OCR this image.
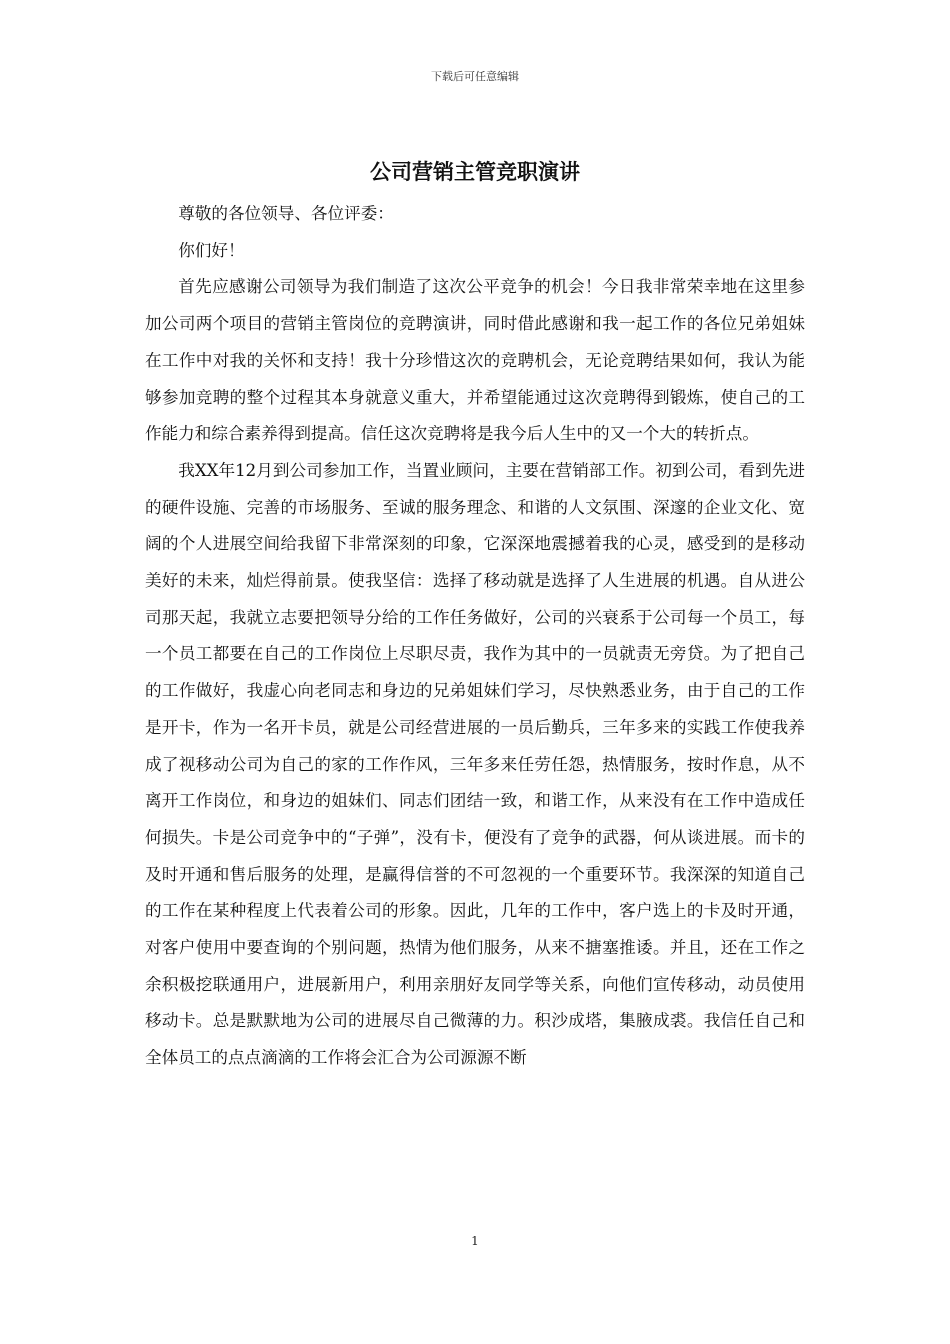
下载后可任意编辑
公司营销主管竞职演讲

尊敬的各位领导、各位评委：

你们好！

首先应感谢公司领导为我们制造了这次公平竞争的机会！今日我非常荣幸地在这里参加公司两个项目的营销主管岗位的竞聘演讲，同时借此感谢和我一起工作的各位兄弟姐妹在工作中对我的关怀和支持！我十分珍惜这次的竞聘机会，无论竞聘结果如何，我认为能够参加竞聘的整个过程其本身就意义重大，并希望能通过这次竞聘得到锻炼，使自己的工作能力和综合素养得到提高。信任这次竞聘将是我今后人生中的又一个大的转折点。

我XX年12月到公司参加工作，当置业顾问，主要在营销部工作。初到公司，看到先进的硬件设施、完善的市场服务、至诚的服务理念、和谐的人文氛围、深邃的企业文化、宽阔的个人进展空间给我留下非常深刻的印象，它深深地震撼着我的心灵，感受到的是移动美好的未来，灿烂得前景。使我坚信：选择了移动就是选择了人生进展的机遇。自从进公司那天起，我就立志要把领导分给的工作任务做好，公司的兴衰系于公司每一个员工，每一个员工都要在自己的工作岗位上尽职尽责，我作为其中的一员就责无旁贷。为了把自己的工作做好，我虚心向老同志和身边的兄弟姐妹们学习，尽快熟悉业务，由于自己的工作是开卡，作为一名开卡员，就是公司经营进展的一员后勤兵，三年多来的实践工作使我养成了视移动公司为自己的家的工作作风，三年多来任劳任怨，热情服务，按时作息，从不离开工作岗位，和身边的姐妹们、同志们团结一致，和谐工作，从来没有在工作中造成任何损失。卡是公司竞争中的“子弹”，没有卡，便没有了竞争的武器，何从谈进展。而卡的及时开通和售后服务的处理，是赢得信誉的不可忽视的一个重要环节。我深深的知道自己的工作在某种程度上代表着公司的形象。因此，几年的工作中，客户选上的卡及时开通，对客户使用中要查询的个别问题，热情为他们服务，从来不搪塞推诿。并且，还在工作之余积极挖联通用户，进展新用户，利用亲朋好友同学等关系，向他们宣传移动，动员使用移动卡。总是默默地为公司的进展尽自己微薄的力。积沙成塔，集腋成裘。我信任自己和全体员工的点点滴滴的工作将会汇合为公司源源不断

1
